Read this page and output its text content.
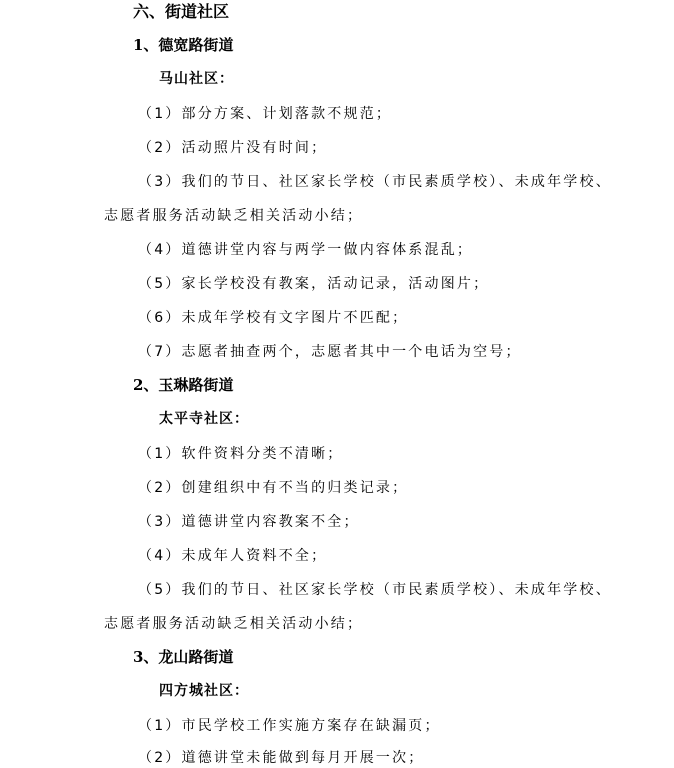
六、街道社区
1、德宽路街道
马山社区：
（1）部分方案、计划落款不规范；
（2）活动照片没有时间；
（3）我们的节日、社区家长学校（市民素质学校）、未成年学校、
志愿者服务活动缺乏相关活动小结；
（4）道德讲堂内容与两学一做内容体系混乱；
（5）家长学校没有教案，活动记录，活动图片；
（6）未成年学校有文字图片不匹配；
（7）志愿者抽查两个，志愿者其中一个电话为空号；
2、玉琳路街道
太平寺社区：
（1）软件资料分类不清晰；
（2）创建组织中有不当的归类记录；
（3）道德讲堂内容教案不全；
（4）未成年人资料不全；
（5）我们的节日、社区家长学校（市民素质学校）、未成年学校、
志愿者服务活动缺乏相关活动小结；
3、龙山路街道
四方城社区：
（1）市民学校工作实施方案存在缺漏页；
（2）道德讲堂未能做到每月开展一次；
